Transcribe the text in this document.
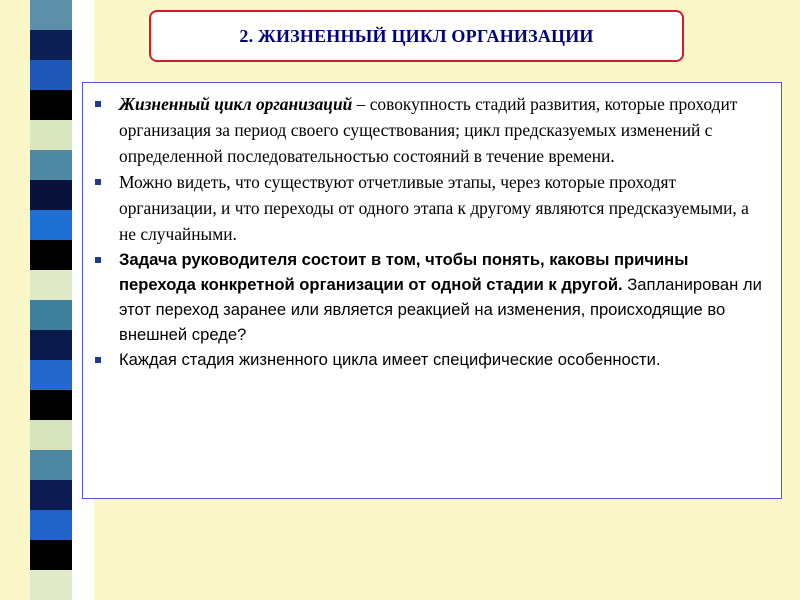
2. ЖИЗНЕННЫЙ ЦИКЛ ОРГАНИЗАЦИИ
Жизненный цикл организаций – совокупность стадий развития, которые проходит организация за период своего существования; цикл предсказуемых изменений с определенной последовательностью состояний в течение времени.
Можно видеть, что существуют отчетливые этапы, через которые проходят организации, и что переходы от одного этапа к другому являются предсказуемыми, а не случайными.
Задача руководителя состоит в том, чтобы понять, каковы причины перехода конкретной организации от одной стадии к другой. Запланирован ли этот переход заранее или является реакцией на изменения, происходящие во внешней среде?
Каждая стадия жизненного цикла имеет специфические особенности.
